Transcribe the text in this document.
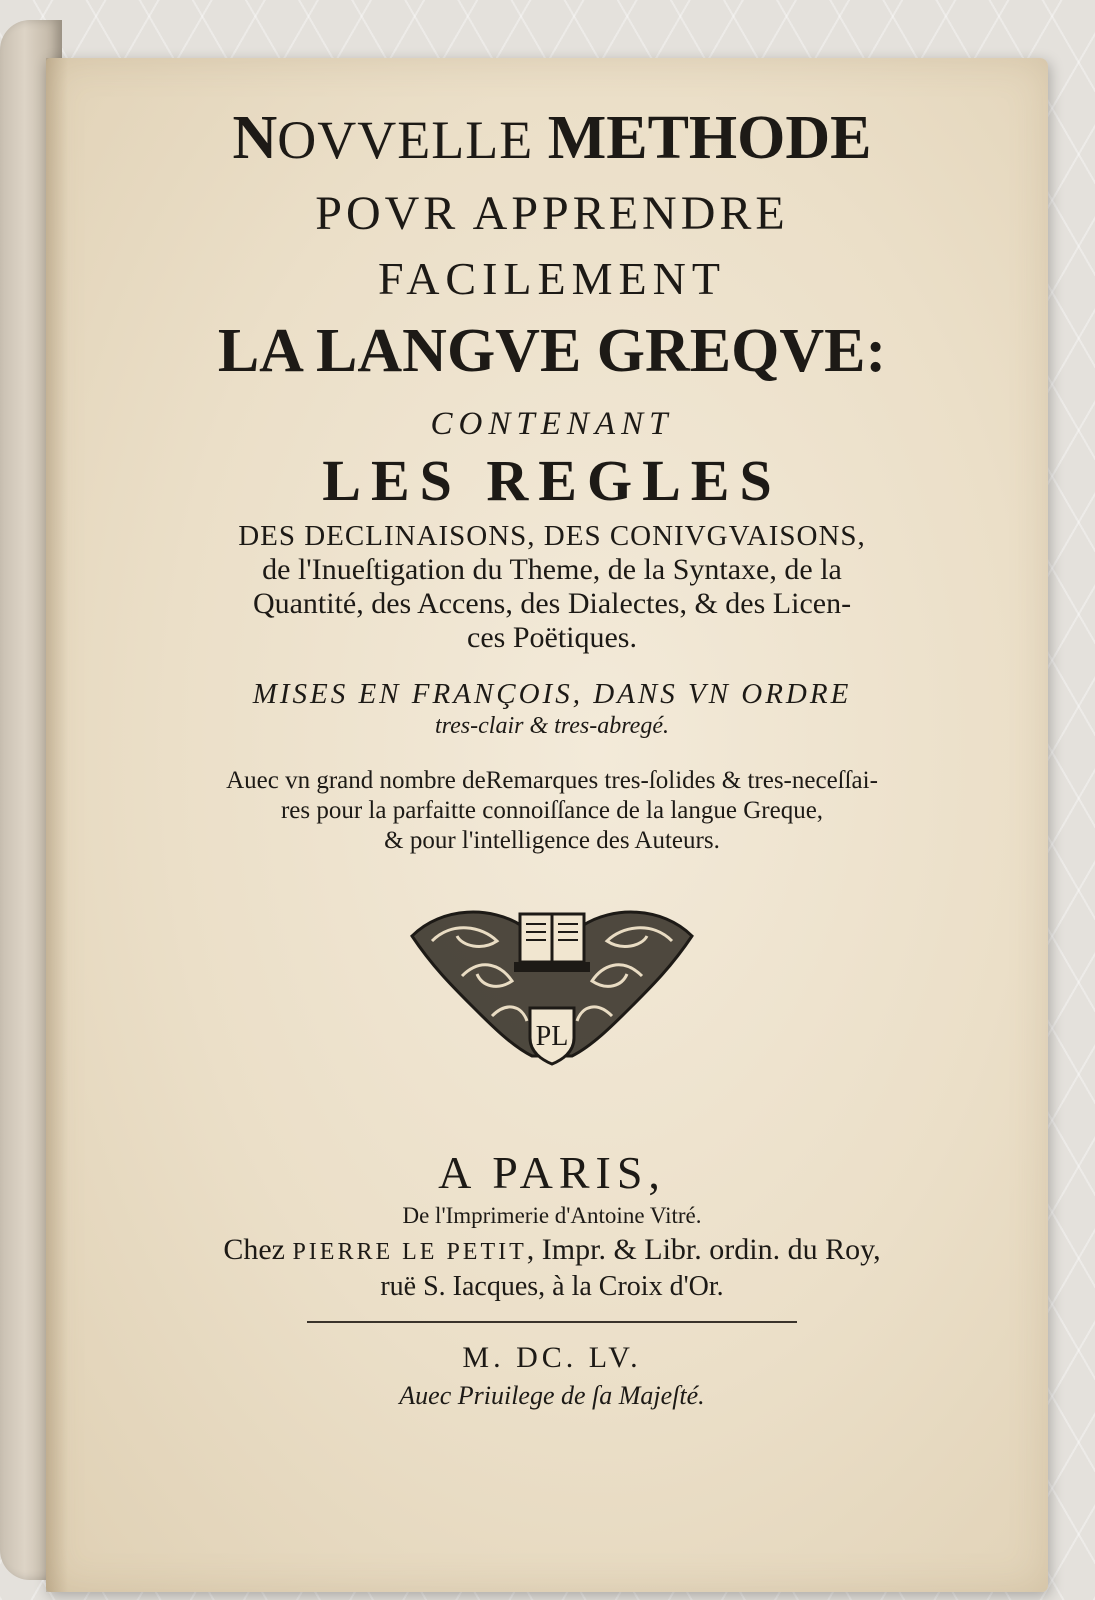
NOVVELLE METHODE

POVR APPRENDRE

FACILEMENT

LA LANGVE GREQVE:

CONTENANT

LES REGLES

DES DECLINAISONS, DES CONIVGVAISONS,

de l'Inueſtigation du Theme, de la Syntaxe, de la

Quantité, des Accens, des Dialectes, & des Licen-

ces Poëtiques.

MISES EN FRANÇOIS, DANS VN ORDRE

tres-clair & tres-abregé.

Auec vn grand nombre deRemarques tres-ſolides & tres-neceſſai-

res pour la parfaitte connoiſſance de la langue Greque,

& pour l'intelligence des Auteurs.

PL

A PARIS,

De l'Imprimerie d'Antoine Vitré.

Chez PIERRE LE PETIT, Impr. & Libr. ordin. du Roy,

ruë S. Iacques, à la Croix d'Or.

M. DC. LV.

Auec Priuilege de ſa Majeſté.
